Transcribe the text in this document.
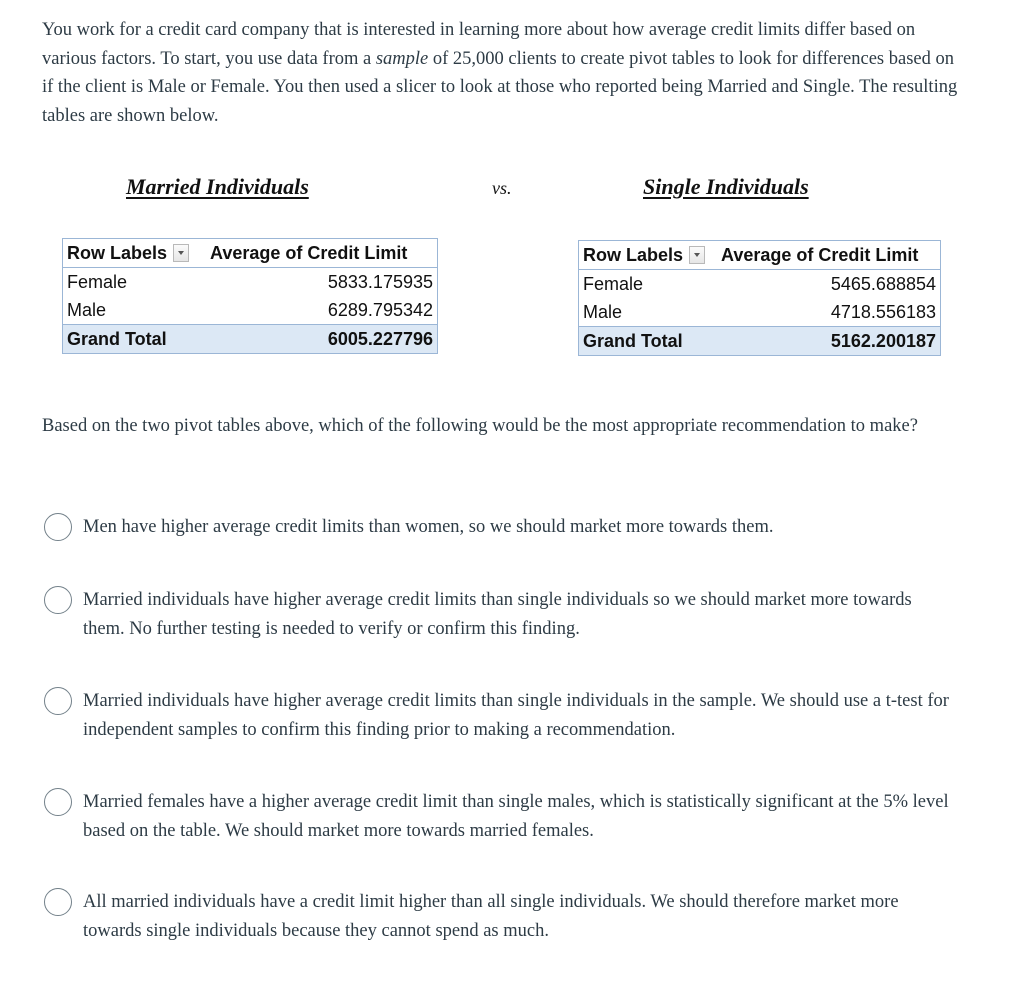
You work for a credit card company that is interested in learning more about how average credit limits differ based on various factors. To start, you use data from a sample of 25,000 clients to create pivot tables to look for differences based on if the client is Male or Female. You then used a slicer to look at those who reported being Married and Single. The resulting tables are shown below.
Married Individuals	vs.	Single Individuals
Row Labels	Average of Credit Limit
Female	5833.175935
Male	6289.795342
Grand Total	6005.227796
Row Labels	Average of Credit Limit
Female	5465.688854
Male	4718.556183
Grand Total	5162.200187
Based on the two pivot tables above, which of the following would be the most appropriate recommendation to make?
Men have higher average credit limits than women, so we should market more towards them.
Married individuals have higher average credit limits than single individuals so we should market more towards them. No further testing is needed to verify or confirm this finding.
Married individuals have higher average credit limits than single individuals in the sample. We should use a t-test for independent samples to confirm this finding prior to making a recommendation.
Married females have a higher average credit limit than single males, which is statistically significant at the 5% level based on the table. We should market more towards married females.
All married individuals have a credit limit higher than all single individuals. We should therefore market more towards single individuals because they cannot spend as much.
